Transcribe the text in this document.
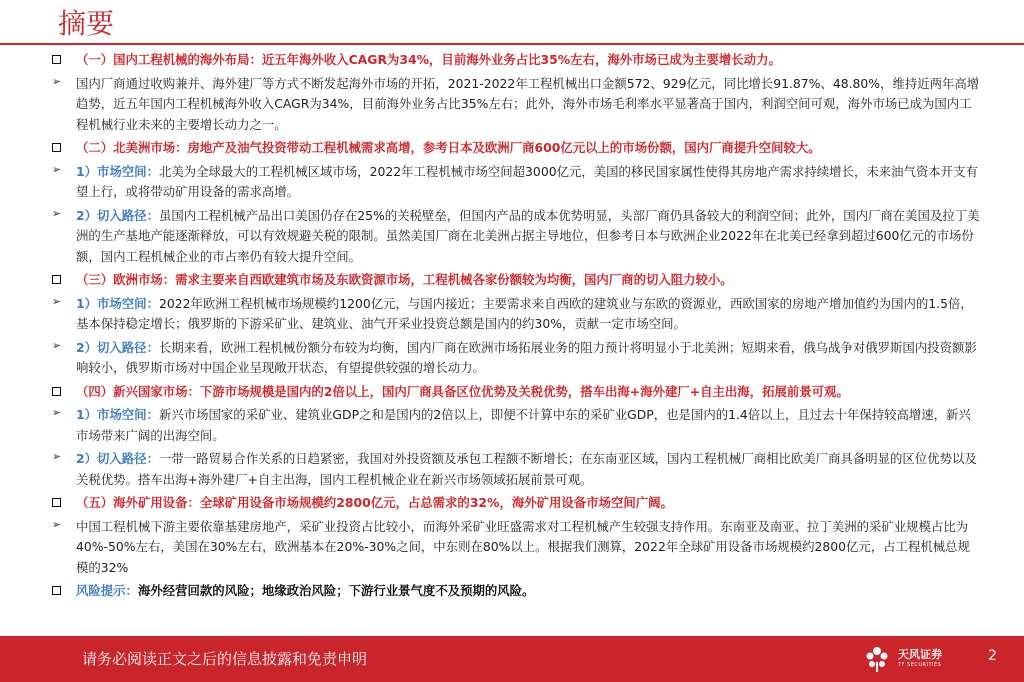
摘要
（一）国内工程机械的海外布局：近五年海外收入CAGR为34%，目前海外业务占比35%左右，海外市场已成为主要增长动力。
➢	国内厂商通过收购兼并、海外建厂等方式不断发起海外市场的开拓，2021-2022年工程机械出口金额572、929亿元，同比增长91.87%、48.80%，维持近两年高增趋势，近五年国内工程机械海外收入CAGR为34%，目前海外业务占比35%左右；此外，海外市场毛利率水平显著高于国内，利润空间可观，海外市场已成为国内工程机械行业未来的主要增长动力之一。
（二）北美洲市场：房地产及油气投资带动工程机械需求高增，参考日本及欧洲厂商600亿元以上的市场份额，国内厂商提升空间较大。
➢	1）市场空间：北美为全球最大的工程机械区域市场，2022年工程机械市场空间超3000亿元，美国的移民国家属性使得其房地产需求持续增长，未来油气资本开支有望上行，或将带动矿用设备的需求高增。
➢	2）切入路径：虽国内工程机械产品出口美国仍存在25%的关税壁垒，但国内产品的成本优势明显，头部厂商仍具备较大的利润空间；此外，国内厂商在美国及拉丁美洲的生产基地产能逐渐释放，可以有效规避关税的限制。虽然美国厂商在北美洲占据主导地位，但参考日本与欧洲企业2022年在北美已经拿到超过600亿元的市场份额，国内工程机械企业的市占率仍有较大提升空间。
（三）欧洲市场：需求主要来自西欧建筑市场及东欧资源市场，工程机械各家份额较为均衡，国内厂商的切入阻力较小。
➢	1）市场空间：2022年欧洲工程机械市场规模约1200亿元，与国内接近；主要需求来自西欧的建筑业与东欧的资源业，西欧国家的房地产增加值约为国内的1.5倍，基本保持稳定增长；俄罗斯的下游采矿业、建筑业、油气开采业投资总额是国内的约30%，贡献一定市场空间。
➢	2）切入路径：长期来看，欧洲工程机械份额分布较为均衡，国内厂商在欧洲市场拓展业务的阻力预计将明显小于北美洲；短期来看，俄乌战争对俄罗斯国内投资额影响较小，俄罗斯市场对中国企业呈现敞开状态，有望提供较强的增长动力。
（四）新兴国家市场：下游市场规模是国内的2倍以上，国内厂商具备区位优势及关税优势，搭车出海+海外建厂+自主出海，拓展前景可观。
➢	1）市场空间：新兴市场国家的采矿业、建筑业GDP之和是国内的2倍以上，即便不计算中东的采矿业GDP，也是国内的1.4倍以上，且过去十年保持较高增速，新兴市场带来广阔的出海空间。
➢	2）切入路径：一带一路贸易合作关系的日趋紧密，我国对外投资额及承包工程额不断增长；在东南亚区域，国内工程机械厂商相比欧美厂商具备明显的区位优势以及关税优势。搭车出海+海外建厂+自主出海，国内工程机械企业在新兴市场领域拓展前景可观。
（五）海外矿用设备：全球矿用设备市场规模约2800亿元，占总需求的32%，海外矿用设备市场空间广阔。
➢	中国工程机械下游主要依靠基建房地产，采矿业投资占比较小，而海外采矿业旺盛需求对工程机械产生较强支持作用。东南亚及南亚、拉丁美洲的采矿业规模占比为40%-50%左右，美国在30%左右，欧洲基本在20%-30%之间，中东则在80%以上。根据我们测算，2022年全球矿用设备市场规模约2800亿元，占工程机械总规模的32%
风险提示：海外经营回款的风险；地缘政治风险；下游行业景气度不及预期的风险。
请务必阅读正文之后的信息披露和免责申明	天风证券
TF SECURITIES
2
